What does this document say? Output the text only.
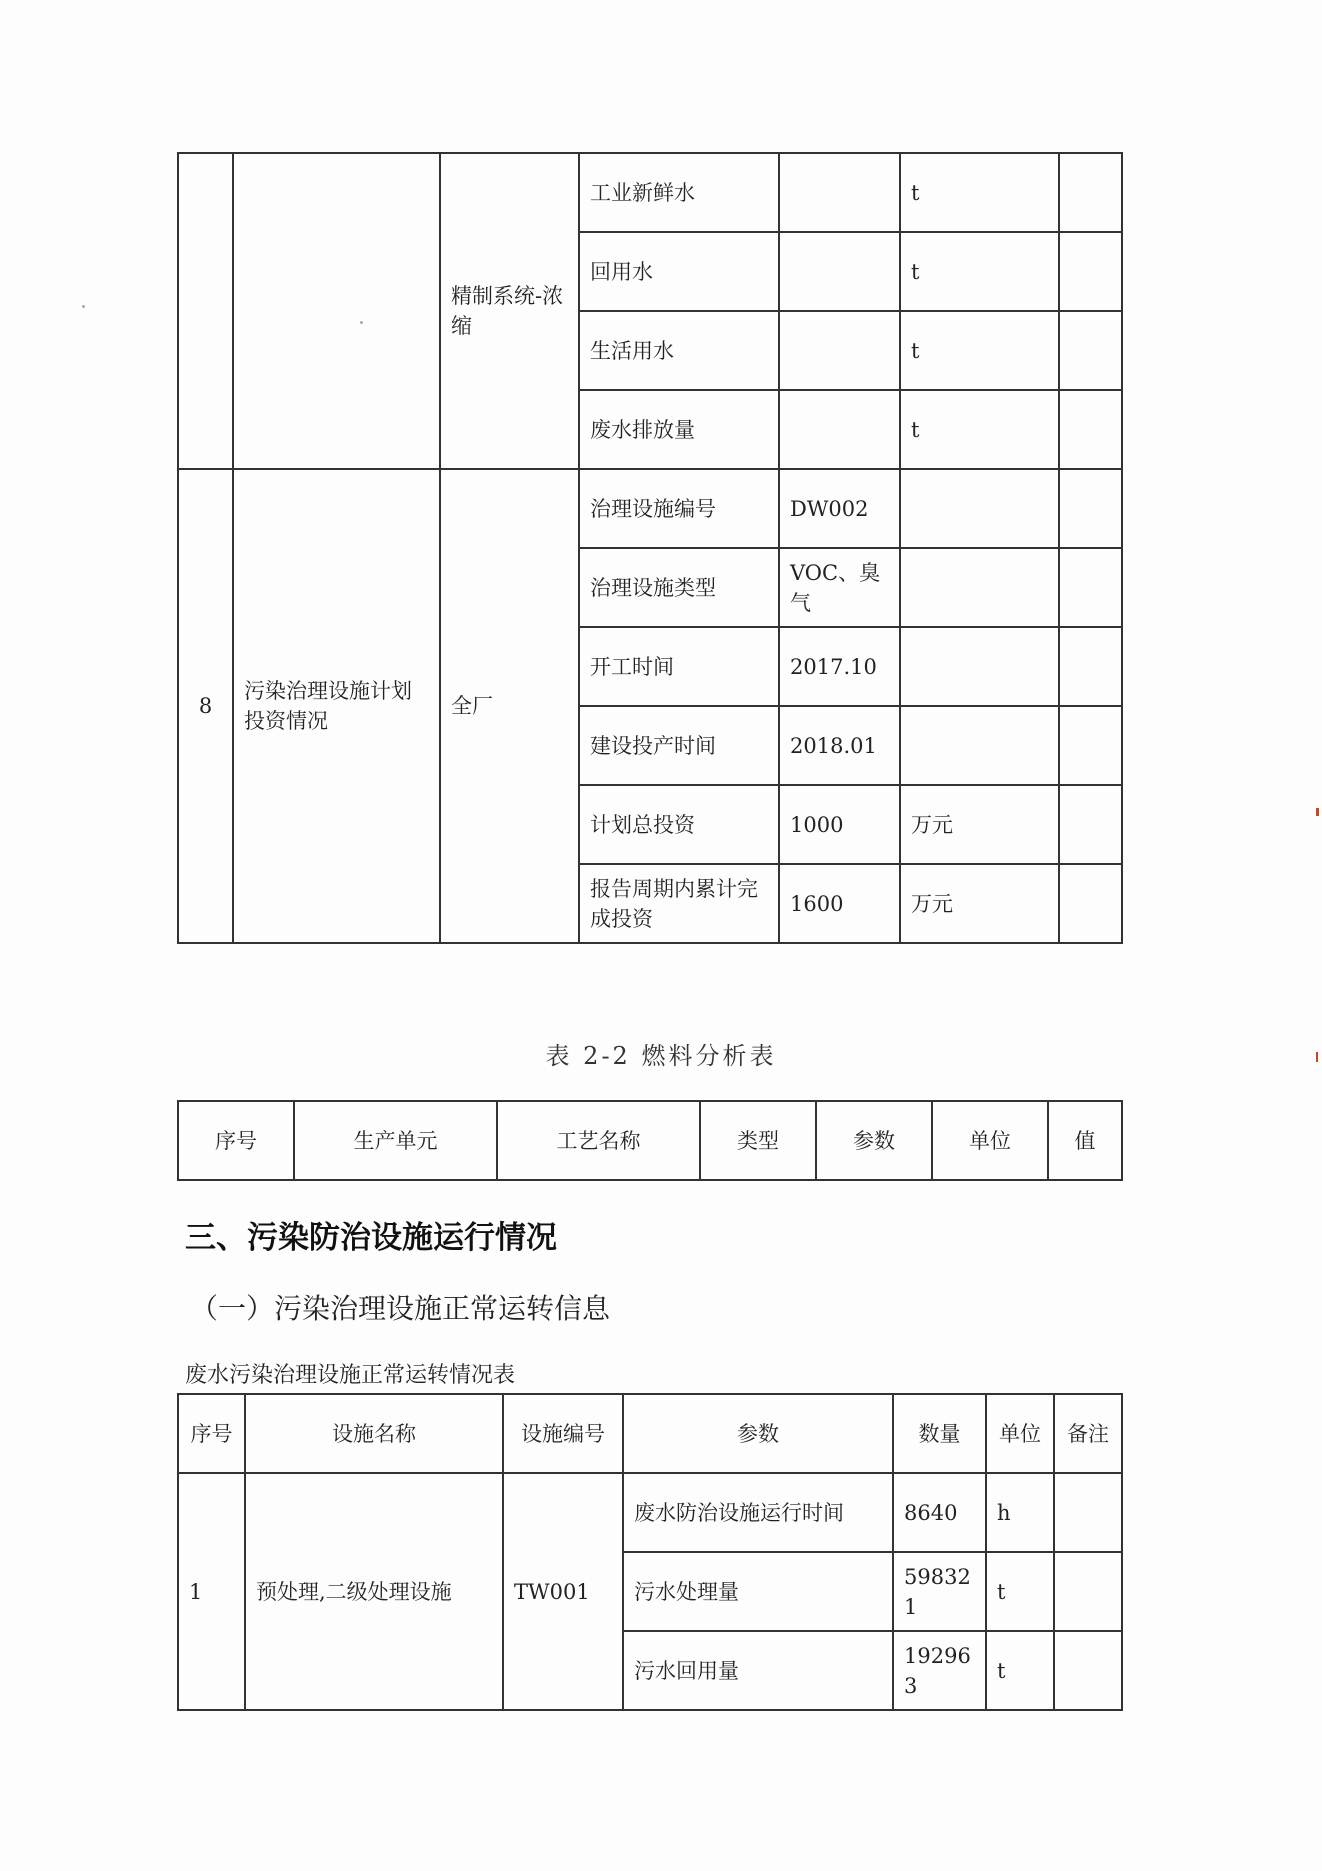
		精制系统-浓缩	工业新鲜水		t	
			回用水		t	
			生活用水		t	
			废水排放量		t	
8	污染治理设施计划投资情况	全厂	治理设施编号	DW002		
			治理设施类型	VOC、臭气		
			开工时间	2017.10		
			建设投产时间	2018.01		
			计划总投资	1000	万元	
			报告周期内累计完成投资	1600	万元	
表 2-2 燃料分析表
序号	生产单元	工艺名称	类型	参数	单位	值
三、污染防治设施运行情况
（一）污染治理设施正常运转信息
废水污染治理设施正常运转情况表
序号	设施名称	设施编号	参数	数量	单位	备注
1	预处理,二级处理设施	TW001	废水防治设施运行时间	8640	h	
			污水处理量	598321	t	
			污水回用量	192963	t	
